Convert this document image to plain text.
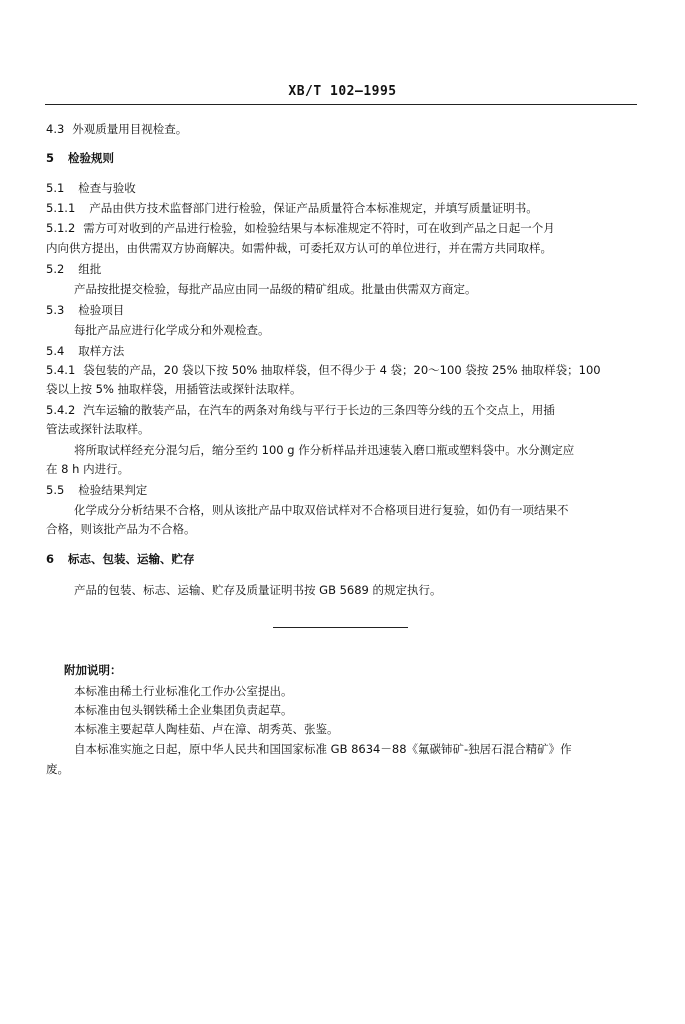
XB/T 102—1995
4.3 外观质量用目视检查。
5 检验规则
5.1 检查与验收
5.1.1 产品由供方技术监督部门进行检验，保证产品质量符合本标准规定，并填写质量证明书。
5.1.2 需方可对收到的产品进行检验，如检验结果与本标准规定不符时，可在收到产品之日起一个月
内向供方提出，由供需双方协商解决。如需仲裁，可委托双方认可的单位进行，并在需方共同取样。
5.2 组批
产品按批提交检验，每批产品应由同一品级的精矿组成。批量由供需双方商定。
5.3 检验项目
每批产品应进行化学成分和外观检查。
5.4 取样方法
5.4.1 袋包装的产品，20 袋以下按 50% 抽取样袋，但不得少于 4 袋；20～100 袋按 25% 抽取样袋；100
袋以上按 5% 抽取样袋，用插管法或探针法取样。
5.4.2 汽车运输的散装产品，在汽车的两条对角线与平行于长边的三条四等分线的五个交点上，用插
管法或探针法取样。
将所取试样经充分混匀后，缩分至约 100 g 作分析样品并迅速装入磨口瓶或塑料袋中。水分测定应
在 8 h 内进行。
5.5 检验结果判定
化学成分分析结果不合格，则从该批产品中取双倍试样对不合格项目进行复验，如仍有一项结果不
合格，则该批产品为不合格。
6 标志、包装、运输、贮存
产品的包装、标志、运输、贮存及质量证明书按 GB 5689 的规定执行。
附加说明：
本标准由稀土行业标准化工作办公室提出。
本标准由包头钢铁稀土企业集团负责起草。
本标准主要起草人陶桂茹、卢在漳、胡秀英、张鉴。
自本标准实施之日起，原中华人民共和国国家标准 GB 8634－88《氟碳铈矿-独居石混合精矿》作
废。
